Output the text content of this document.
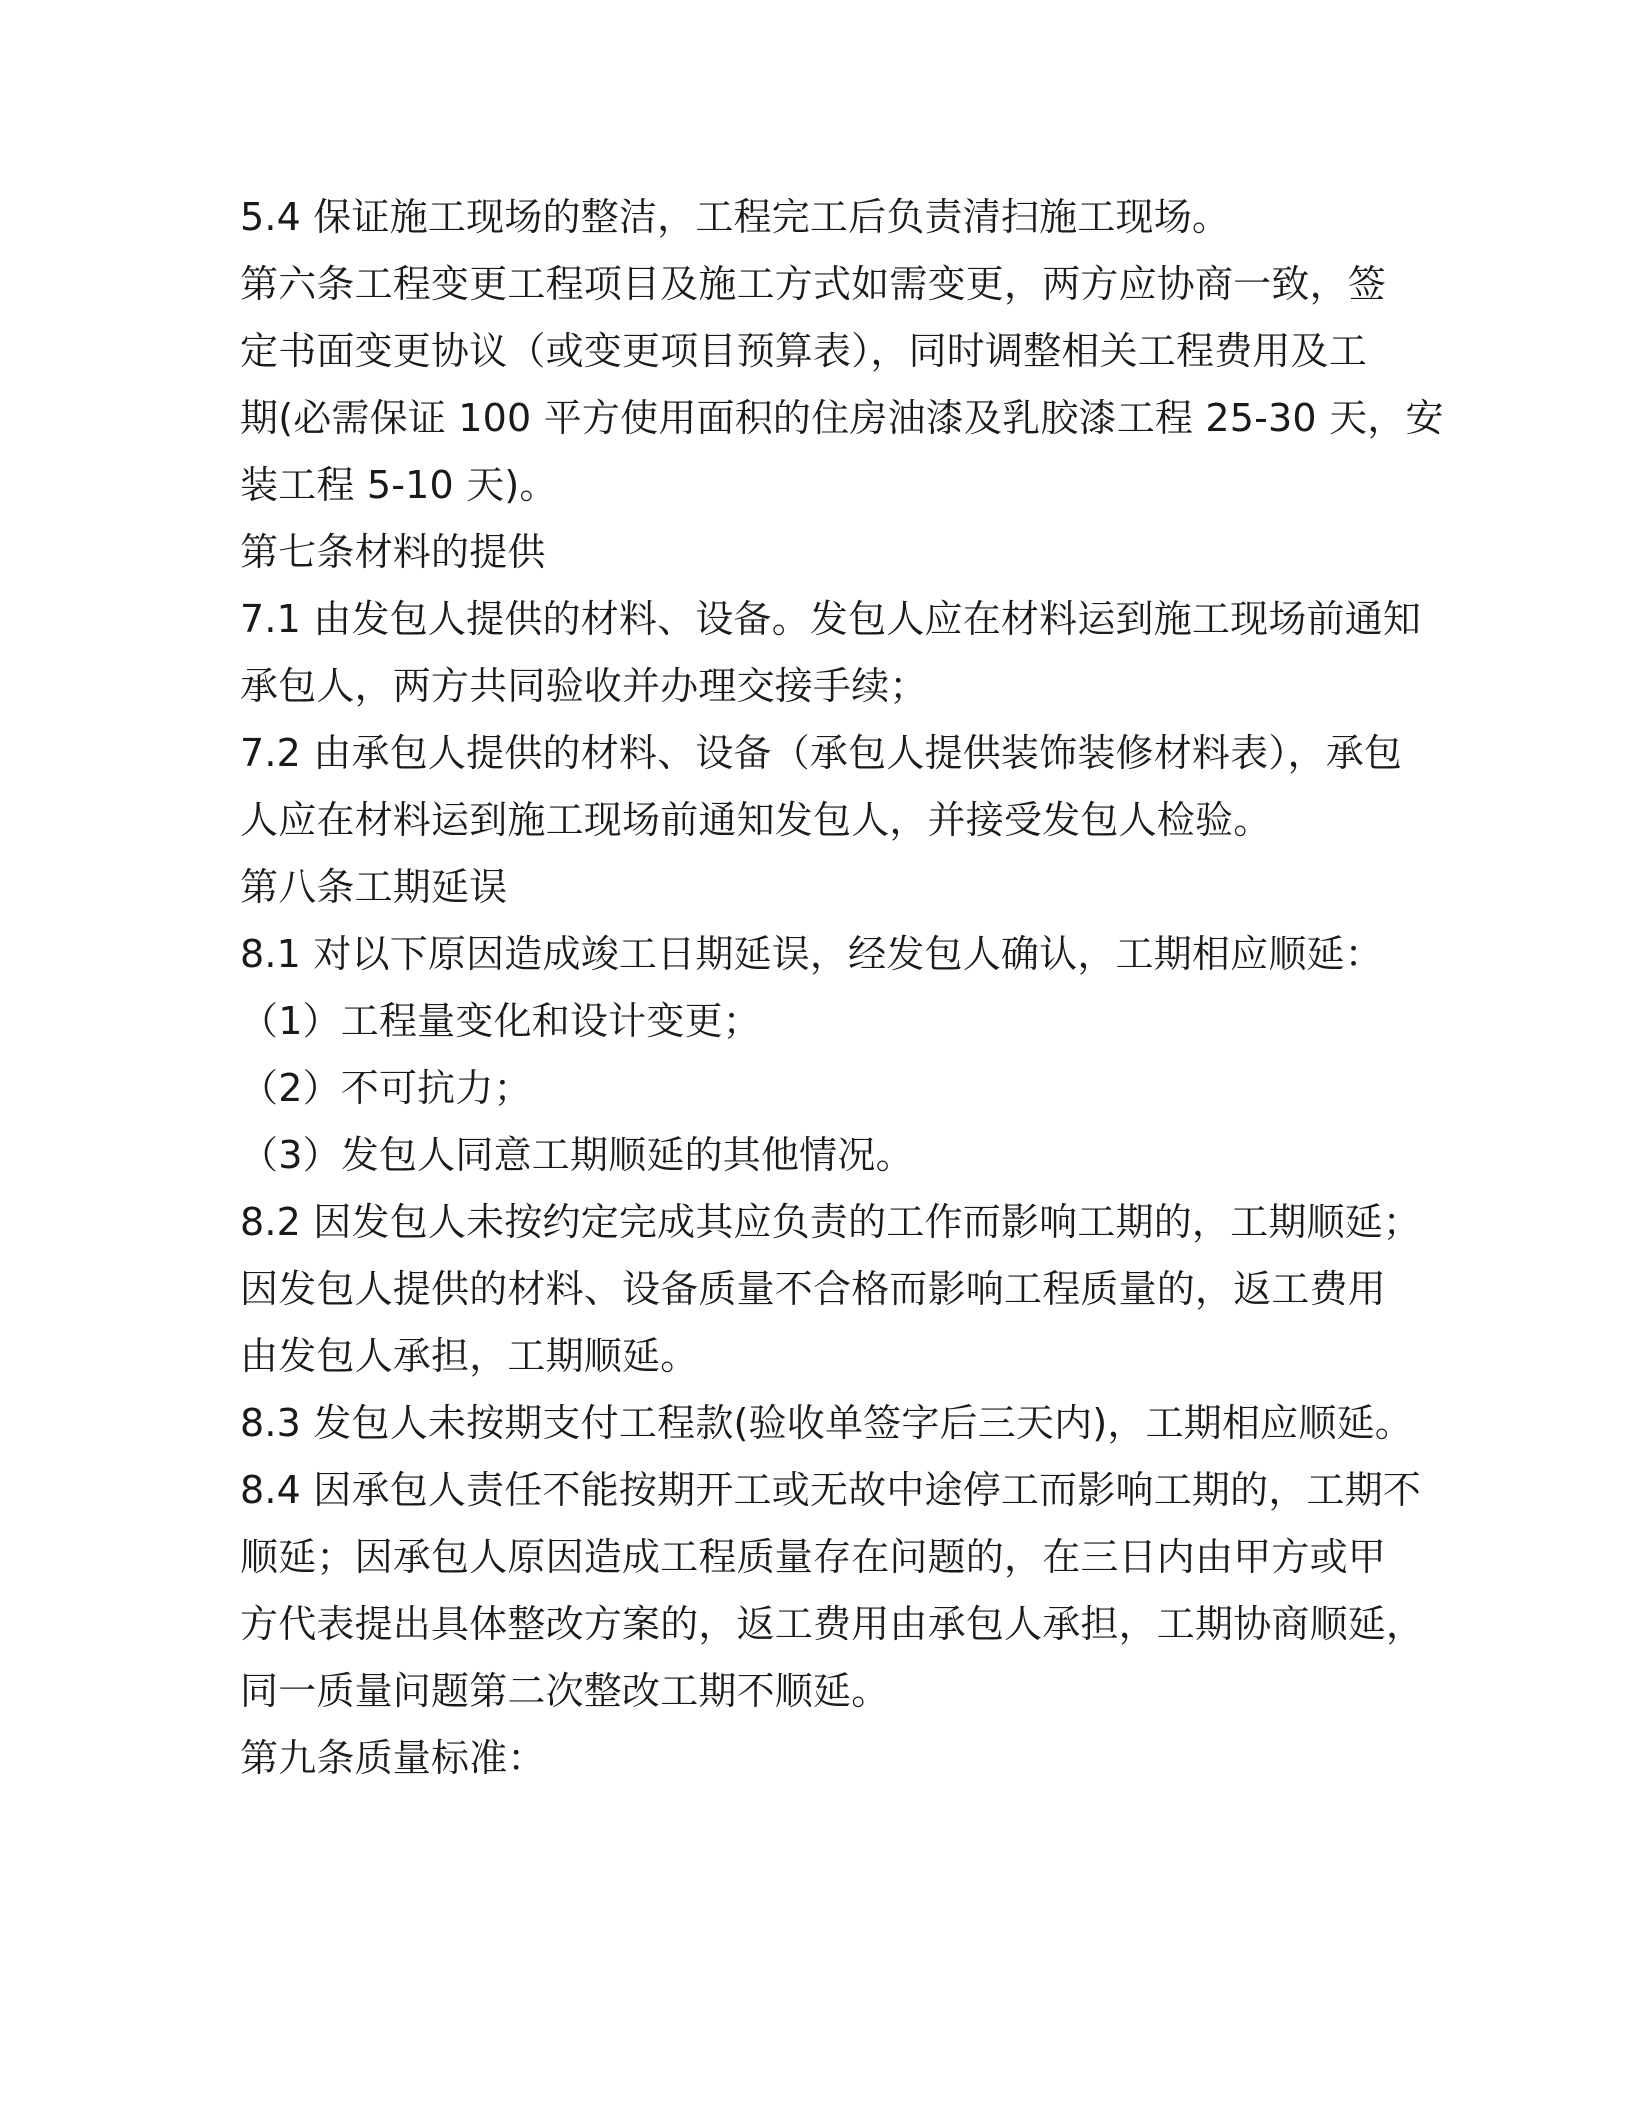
5.4 保证施工现场的整洁，工程完工后负责清扫施工现场。
第六条工程变更工程项目及施工方式如需变更，两方应协商一致，签
定书面变更协议（或变更项目预算表），同时调整相关工程费用及工
期(必需保证 100 平方使用面积的住房油漆及乳胶漆工程 25-30 天，安
装工程 5-10 天)。
第七条材料的提供
7.1 由发包人提供的材料、设备。发包人应在材料运到施工现场前通知
承包人，两方共同验收并办理交接手续；
7.2 由承包人提供的材料、设备（承包人提供装饰装修材料表），承包
人应在材料运到施工现场前通知发包人，并接受发包人检验。
第八条工期延误
8.1 对以下原因造成竣工日期延误，经发包人确认，工期相应顺延：
（1）工程量变化和设计变更；
（2）不可抗力；
（3）发包人同意工期顺延的其他情况。
8.2 因发包人未按约定完成其应负责的工作而影响工期的，工期顺延；
因发包人提供的材料、设备质量不合格而影响工程质量的，返工费用
由发包人承担，工期顺延。
8.3 发包人未按期支付工程款(验收单签字后三天内)，工期相应顺延。
8.4 因承包人责任不能按期开工或无故中途停工而影响工期的，工期不
顺延；因承包人原因造成工程质量存在问题的，在三日内由甲方或甲
方代表提出具体整改方案的，返工费用由承包人承担，工期协商顺延，
同一质量问题第二次整改工期不顺延。
第九条质量标准：
